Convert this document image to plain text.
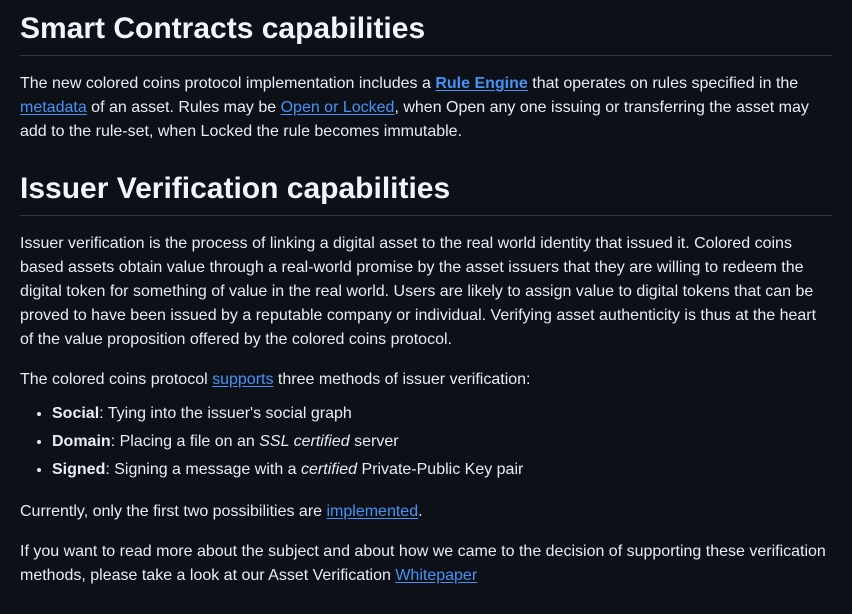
Smart Contracts capabilities

The new colored coins protocol implementation includes a Rule Engine that operates on rules specified in the metadata of an asset. Rules may be Open or Locked, when Open any one issuing or transferring the asset may add to the rule-set, when Locked the rule becomes immutable.

Issuer Verification capabilities

Issuer verification is the process of linking a digital asset to the real world identity that issued it. Colored coins based assets obtain value through a real-world promise by the asset issuers that they are willing to redeem the digital token for something of value in the real world. Users are likely to assign value to digital tokens that can be proved to have been issued by a reputable company or individual. Verifying asset authenticity is thus at the heart of the value proposition offered by the colored coins protocol.

The colored coins protocol supports three methods of issuer verification:

• Social: Tying into the issuer's social graph
• Domain: Placing a file on an SSL certified server
• Signed: Signing a message with a certified Private-Public Key pair

Currently, only the first two possibilities are implemented.

If you want to read more about the subject and about how we came to the decision of supporting these verification methods, please take a look at our Asset Verification Whitepaper
